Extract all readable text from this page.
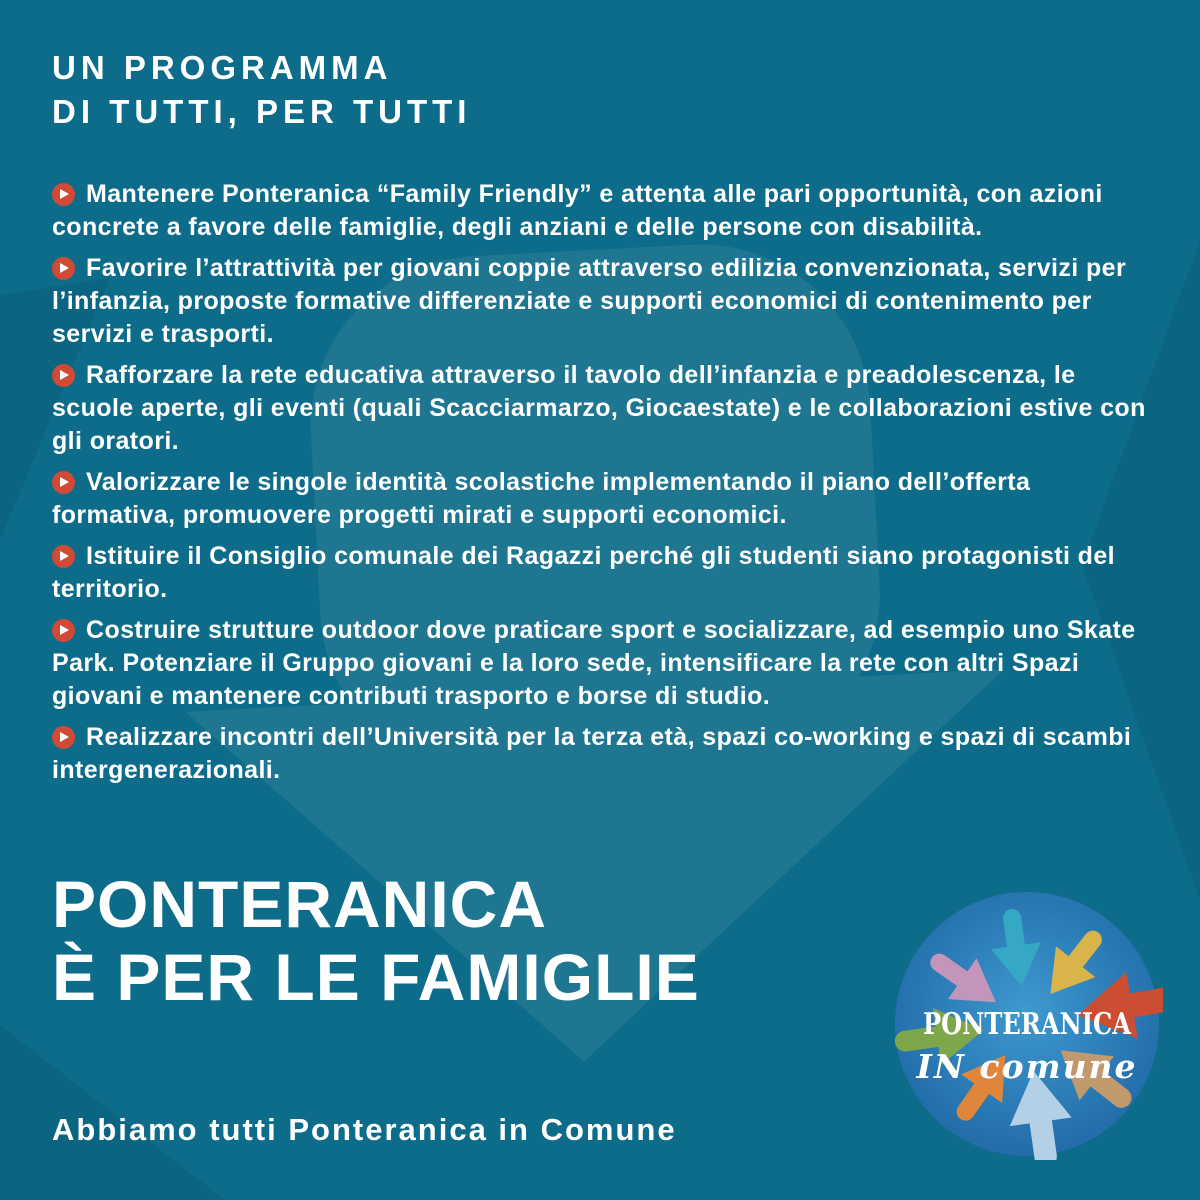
UN PROGRAMMA
DI TUTTI, PER TUTTI
Mantenere Ponteranica “Family Friendly” e attenta alle pari opportunità, con azioni concrete a favore delle famiglie, degli anziani e delle persone con disabilità.
Favorire l’attrattività per giovani coppie attraverso edilizia convenzionata, servizi per l’infanzia, proposte formative differenziate e supporti economici di contenimento per servizi e trasporti.
Rafforzare la rete educativa attraverso il tavolo dell’infanzia e preadolescenza, le scuole aperte, gli eventi (quali Scacciarmarzo, Giocaestate) e le collaborazioni estive con gli oratori.
Valorizzare le singole identità scolastiche implementando il piano dell’offerta formativa, promuovere progetti mirati e supporti economici.
Istituire il Consiglio comunale dei Ragazzi perché gli studenti siano protagonisti del territorio.
Costruire strutture outdoor dove praticare sport e socializzare, ad esempio uno Skate Park. Potenziare il Gruppo giovani e la loro sede, intensificare la rete con altri Spazi giovani e mantenere contributi trasporto e borse di studio.
Realizzare incontri dell’Università per la terza età, spazi co-working e spazi di scambi intergenerazionali.
PONTERANICA
È PER LE FAMIGLIE
Abbiamo tutti Ponteranica in Comune
PONTERANICA
IN comune
